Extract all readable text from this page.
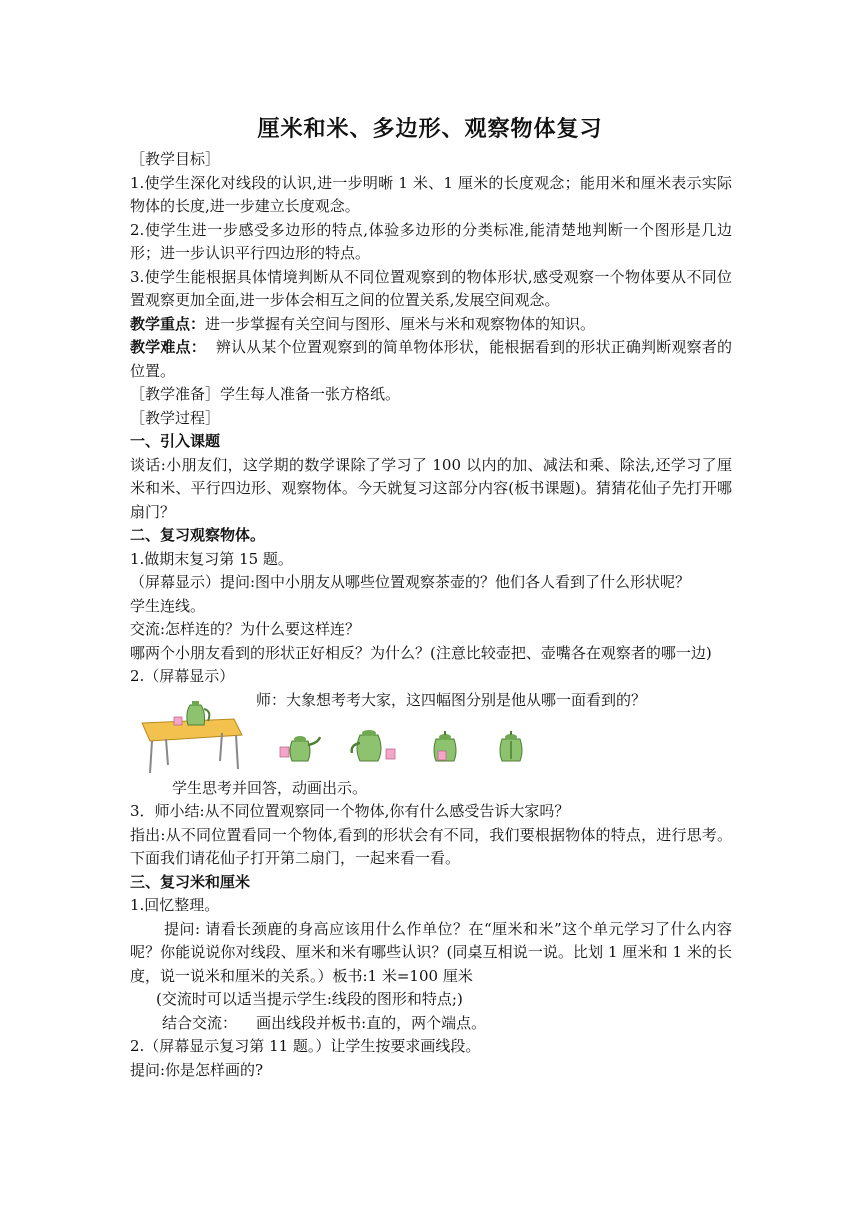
厘米和米、多边形、观察物体复习

［教学目标］

1.使学生深化对线段的认识,进一步明晰 1 米、1 厘米的长度观念；能用米和厘米表示实际物体的长度,进一步建立长度观念。

2.使学生进一步感受多边形的特点,体验多边形的分类标准,能清楚地判断一个图形是几边形；进一步认识平行四边形的特点。

3.使学生能根据具体情境判断从不同位置观察到的物体形状,感受观察一个物体要从不同位置观察更加全面,进一步体会相互之间的位置关系,发展空间观念。

教学重点：进一步掌握有关空间与图形、厘米与米和观察物体的知识。

教学难点：  辨认从某个位置观察到的简单物体形状，能根据看到的形状正确判断观察者的位置。

［教学准备］学生每人准备一张方格纸。

［教学过程］

一、引入课题

谈话:小朋友们，这学期的数学课除了学习了 100 以内的加、减法和乘、除法,还学习了厘米和米、平行四边形、观察物体。今天就复习这部分内容(板书课题)。猜猜花仙子先打开哪扇门？

二、复习观察物体。

1.做期末复习第 15 题。

（屏幕显示）提问:图中小朋友从哪些位置观察茶壶的？他们各人看到了什么形状呢？

学生连线。

交流:怎样连的？为什么要这样连？

哪两个小朋友看到的形状正好相反？为什么？(注意比较壶把、壶嘴各在观察者的哪一边)

2.（屏幕显示）

师：大象想考考大家，这四幅图分别是他从哪一面看到的？

学生思考并回答，动画出示。

3．师小结:从不同位置观察同一个物体,你有什么感受告诉大家吗？

指出:从不同位置看同一个物体,看到的形状会有不同，我们要根据物体的特点，进行思考。下面我们请花仙子打开第二扇门，一起来看一看。

三、复习米和厘米

1.回忆整理。

提问: 请看长颈鹿的身高应该用什么作单位？在“厘米和米”这个单元学习了什么内容呢？你能说说你对线段、厘米和米有哪些认识？(同桌互相说一说。比划 1 厘米和 1 米的长度，说一说米和厘米的关系。）板书:1 米=100 厘米

(交流时可以适当提示学生:线段的图形和特点;)

结合交流：    画出线段并板书:直的，两个端点。

2.（屏幕显示复习第 11 题。）让学生按要求画线段。

提问:你是怎样画的?
